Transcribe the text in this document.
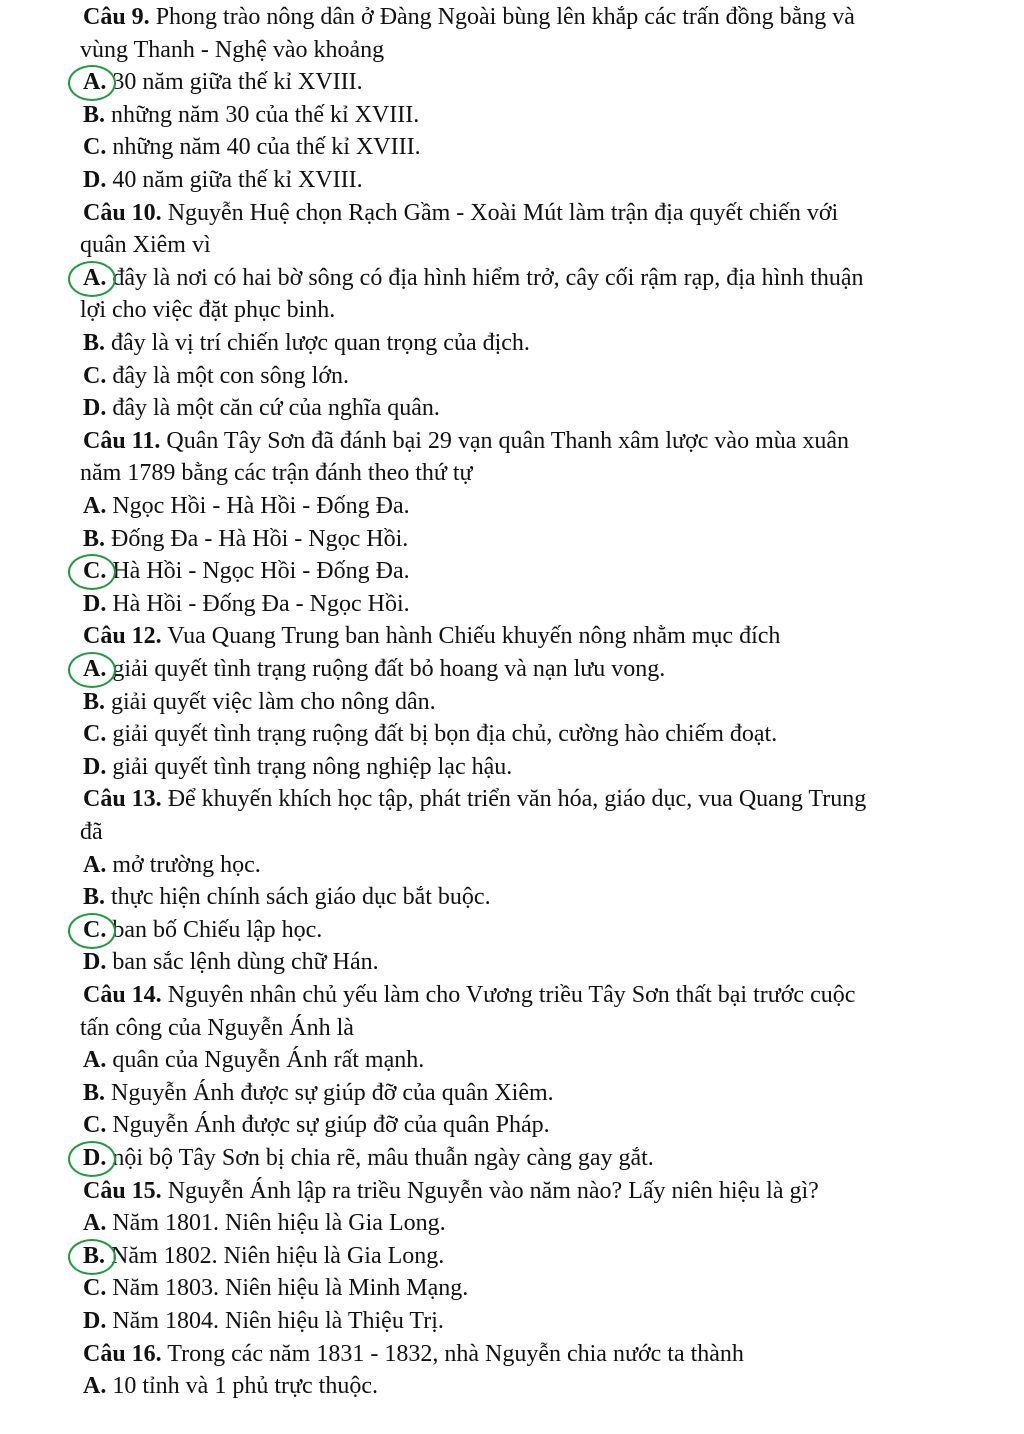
Câu 9. Phong trào nông dân ở Đàng Ngoài bùng lên khắp các trấn đồng bằng và
vùng Thanh - Nghệ vào khoảng
A. 30 năm giữa thế kỉ XVIII.
B. những năm 30 của thế kỉ XVIII.
C. những năm 40 của thế kỉ XVIII.
D. 40 năm giữa thế kỉ XVIII.
Câu 10. Nguyễn Huệ chọn Rạch Gầm - Xoài Mút làm trận địa quyết chiến với
quân Xiêm vì
A. đây là nơi có hai bờ sông có địa hình hiểm trở, cây cối rậm rạp, địa hình thuận
lợi cho việc đặt phục binh.
B. đây là vị trí chiến lược quan trọng của địch.
C. đây là một con sông lớn.
D. đây là một căn cứ của nghĩa quân.
Câu 11. Quân Tây Sơn đã đánh bại 29 vạn quân Thanh xâm lược vào mùa xuân
năm 1789 bằng các trận đánh theo thứ tự
A. Ngọc Hồi - Hà Hồi - Đống Đa.
B. Đống Đa - Hà Hồi - Ngọc Hồi.
C. Hà Hồi - Ngọc Hồi - Đống Đa.
D. Hà Hồi - Đống Đa - Ngọc Hồi.
Câu 12. Vua Quang Trung ban hành Chiếu khuyến nông nhằm mục đích
A. giải quyết tình trạng ruộng đất bỏ hoang và nạn lưu vong.
B. giải quyết việc làm cho nông dân.
C. giải quyết tình trạng ruộng đất bị bọn địa chủ, cường hào chiếm đoạt.
D. giải quyết tình trạng nông nghiệp lạc hậu.
Câu 13. Để khuyến khích học tập, phát triển văn hóa, giáo dục, vua Quang Trung
đã
A. mở trường học.
B. thực hiện chính sách giáo dục bắt buộc.
C. ban bố Chiếu lập học.
D. ban sắc lệnh dùng chữ Hán.
Câu 14. Nguyên nhân chủ yếu làm cho Vương triều Tây Sơn thất bại trước cuộc
tấn công của Nguyễn Ánh là
A. quân của Nguyễn Ánh rất mạnh.
B. Nguyễn Ánh được sự giúp đỡ của quân Xiêm.
C. Nguyễn Ánh được sự giúp đỡ của quân Pháp.
D. nội bộ Tây Sơn bị chia rẽ, mâu thuẫn ngày càng gay gắt.
Câu 15. Nguyễn Ánh lập ra triều Nguyễn vào năm nào? Lấy niên hiệu là gì?
A. Năm 1801. Niên hiệu là Gia Long.
B. Năm 1802. Niên hiệu là Gia Long.
C. Năm 1803. Niên hiệu là Minh Mạng.
D. Năm 1804. Niên hiệu là Thiệu Trị.
Câu 16. Trong các năm 1831 - 1832, nhà Nguyễn chia nước ta thành
A. 10 tỉnh và 1 phủ trực thuộc.
